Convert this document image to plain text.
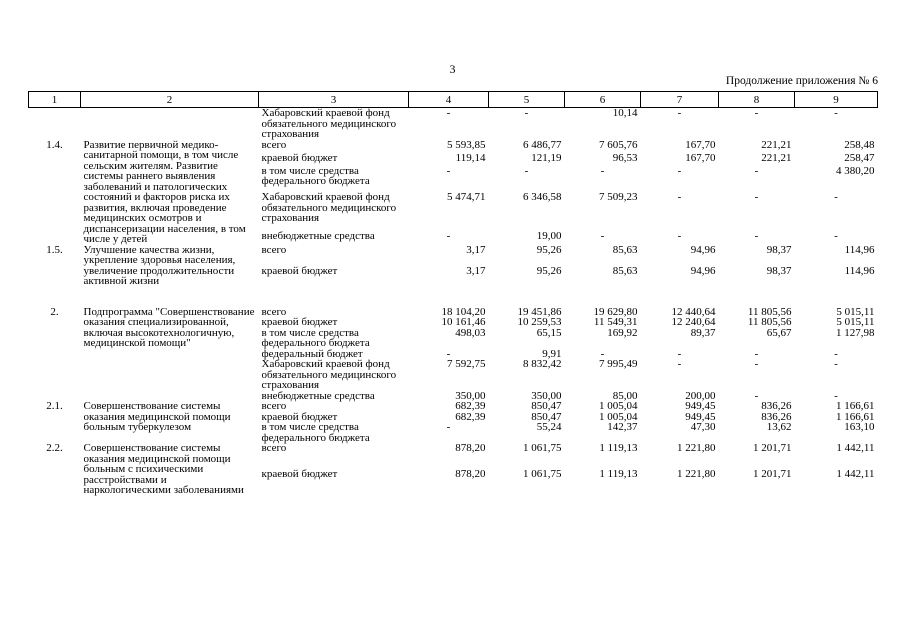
3
Продолжение приложения № 6
1	2	3	4	5	6	7	8	9
		Хабаровский краевой фонд обязательного медицинского страхования	-	-	10,14	-	-	-
1.4.	Развитие первичной медико-санитарной помощи, в том числе сельским жителям. Развитие системы раннего выявления заболеваний и патологических состояний и факторов риска их развития, включая проведение медицинских осмотров и диспансеризации населения, в том числе у детей	всего	5 593,85	6 486,77	7 605,76	167,70	221,21	258,48
		краевой бюджет	119,14	121,19	96,53	167,70	221,21	258,47
		в том числе средства федерального бюджета	-	-	-	-	-	4 380,20
		Хабаровский краевой фонд обязательного медицинского страхования	5 474,71	6 346,58	7 509,23	-	-	-
		внебюджетные средства	-	19,00	-	-	-	-
1.5.	Улучшение качества жизни, укрепление здоровья населения, увеличение продолжительности активной жизни	всего	3,17	95,26	85,63	94,96	98,37	114,96
		краевой бюджет	3,17	95,26	85,63	94,96	98,37	114,96

2.	Подпрограмма "Совершенствование оказания специализированной, включая высокотехнологичную, медицинской помощи"	всего	18 104,20	19 451,86	19 629,80	12 440,64	11 805,56	5 015,11
		краевой бюджет	10 161,46	10 259,53	11 549,31	12 240,64	11 805,56	5 015,11
		в том числе средства федерального бюджета	498,03	65,15	169,92	89,37	65,67	1 127,98
		федеральный бюджет	-	9,91	-	-	-	-
		Хабаровский краевой фонд обязательного медицинского страхования	7 592,75	8 832,42	7 995,49	-	-	-
		внебюджетные средства	350,00	350,00	85,00	200,00	-	-
2.1.	Совершенствование системы оказания медицинской помощи больным туберкулезом	всего	682,39	850,47	1 005,04	949,45	836,26	1 166,61
		краевой бюджет	682,39	850,47	1 005,04	949,45	836,26	1 166,61
		в том числе средства федерального бюджета	-	55,24	142,37	47,30	13,62	163,10
2.2.	Совершенствование системы оказания медицинской помощи больным с психическими расстройствами и наркологическими заболеваниями	всего	878,20	1 061,75	1 119,13	1 221,80	1 201,71	1 442,11
		краевой бюджет	878,20	1 061,75	1 119,13	1 221,80	1 201,71	1 442,11
